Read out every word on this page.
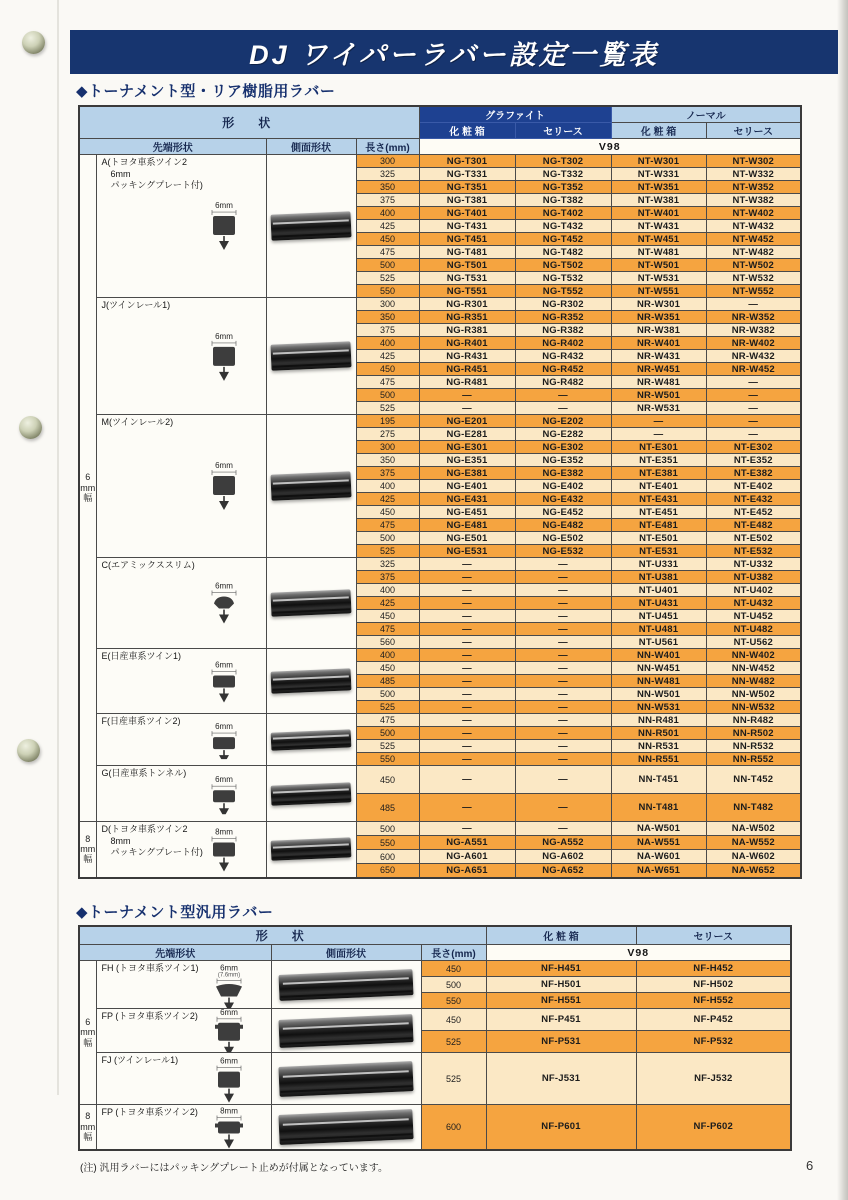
DJ ワイパーラバー設定一覧表
◆トーナメント型・リア樹脂用ラバー
形　状				グラファイト		ノーマル	
				化 粧 箱	セリース	化 粧 箱	セリース
先端形状		側面形状	長さ(mm)	V98			
6
mm
幅	
A(トヨタ車系ツイン2
　6mm
　パッキングプレート付)
6mm

	300	NG-T301	NG-T302	NT-W301	NT-W302
			325	NG-T331	NG-T332	NT-W331	NT-W332
			350	NG-T351	NG-T352	NT-W351	NT-W352
			375	NG-T381	NG-T382	NT-W381	NT-W382
			400	NG-T401	NG-T402	NT-W401	NT-W402
			425	NG-T431	NG-T432	NT-W431	NT-W432
			450	NG-T451	NG-T452	NT-W451	NT-W452
			475	NG-T481	NG-T482	NT-W481	NT-W482
			500	NG-T501	NG-T502	NT-W501	NT-W502
			525	NG-T531	NG-T532	NT-W531	NT-W532
			550	NG-T551	NG-T552	NT-W551	NT-W552

	J(ツインレール1)
6mm		300	NG-R301	NG-R302	NR-W301	—
			350	NG-R351	NG-R352	NR-W351	NR-W352
			375	NG-R381	NG-R382	NR-W381	NR-W382
			400	NG-R401	NG-R402	NR-W401	NR-W402
			425	NG-R431	NG-R432	NR-W431	NR-W432
			450	NG-R451	NG-R452	NR-W451	NR-W452
			475	NG-R481	NG-R482	NR-W481	—
			500	—	—	NR-W501	—
			525	—	—	NR-W531	—

	M(ツインレール2)
6mm		195	NG-E201	NG-E202	—	—
			275	NG-E281	NG-E282	—	—
			300	NG-E301	NG-E302	NT-E301	NT-E302
			350	NG-E351	NG-E352	NT-E351	NT-E352
			375	NG-E381	NG-E382	NT-E381	NT-E382
			400	NG-E401	NG-E402	NT-E401	NT-E402
			425	NG-E431	NG-E432	NT-E431	NT-E432
			450	NG-E451	NG-E452	NT-E451	NT-E452
			475	NG-E481	NG-E482	NT-E481	NT-E482
			500	NG-E501	NG-E502	NT-E501	NT-E502
			525	NG-E531	NG-E532	NT-E531	NT-E532

	C(エアミックススリム)
6mm		325	—	—	NT-U331	NT-U332
			375	—	—	NT-U381	NT-U382
			400	—	—	NT-U401	NT-U402
			425	—	—	NT-U431	NT-U432
			450	—	—	NT-U451	NT-U452
			475	—	—	NT-U481	NT-U482
			560	—	—	NT-U561	NT-U562

	E(日産車系ツイン1)
6mm		400	—	—	NN-W401	NN-W402
			450	—	—	NN-W451	NN-W452
			485	—	—	NN-W481	NN-W482
			500	—	—	NN-W501	NN-W502
			525	—	—	NN-W531	NN-W532

	F(日産車系ツイン2)
6mm		475	—	—	NN-R481	NN-R482
			500	—	—	NN-R501	NN-R502
			525	—	—	NN-R531	NN-R532
			550	—	—	NN-R551	NN-R552

	G(日産車系トンネル)
6mm		450	—	—	NN-T451	NN-T452
			485	—	—	NN-T481	NN-T482
8
mm
幅	
D(トヨタ車系ツイン2
　8mm
　パッキングプレート付)
8mm		500	—	—	NA-W501	NA-W502
			550	NG-A551	NG-A552	NA-W551	NA-W552
			600	NG-A601	NG-A602	NA-W601	NA-W602
			650	NG-A651	NG-A652	NA-W651	NA-W652
◆トーナメント型汎用ラバー
形　状				化 粧 箱	セリース
先端形状		側面形状	長さ(mm)	V98	
6
mm
幅	
FH (トヨタ車系ツイン1)	6mm
(7.6mm)

	450	NF-H451	NF-H452
			500	NF-H501	NF-H502
			550	NF-H551	NF-H552

	FP (トヨタ車系ツイン2) 6mm		450	NF-P451	NF-P452
			525	NF-P531	NF-P532

	FJ (ツインレール1) 6mm		525	NF-J531	NF-J532
8
mm
幅	
FP (トヨタ車系ツイン2)	8mm

	600	NF-P601	NF-P602
(注) 汎用ラバーにはパッキングプレート止めが付属となっています。	6
